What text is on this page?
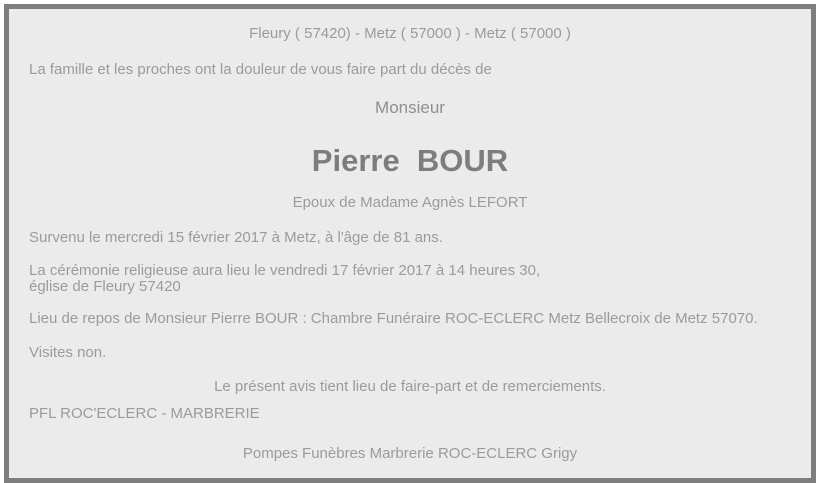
Fleury ( 57420) - Metz ( 57000 ) - Metz ( 57000 )

La famille et les proches ont la douleur de vous faire part du décès de

Monsieur

Pierre  BOUR

Epoux de Madame Agnès LEFORT

Survenu le mercredi 15 février 2017 à Metz, à l'âge de 81 ans.

La cérémonie religieuse aura lieu le vendredi 17 février 2017 à 14 heures 30,

église de Fleury 57420

Lieu de repos de Monsieur Pierre BOUR : Chambre Funéraire ROC-ECLERC Metz Bellecroix de Metz 57070.

Visites non.

Le présent avis tient lieu de faire-part et de remerciements.

PFL ROC'ECLERC - MARBRERIE

Pompes Funèbres Marbrerie ROC-ECLERC Grigy
